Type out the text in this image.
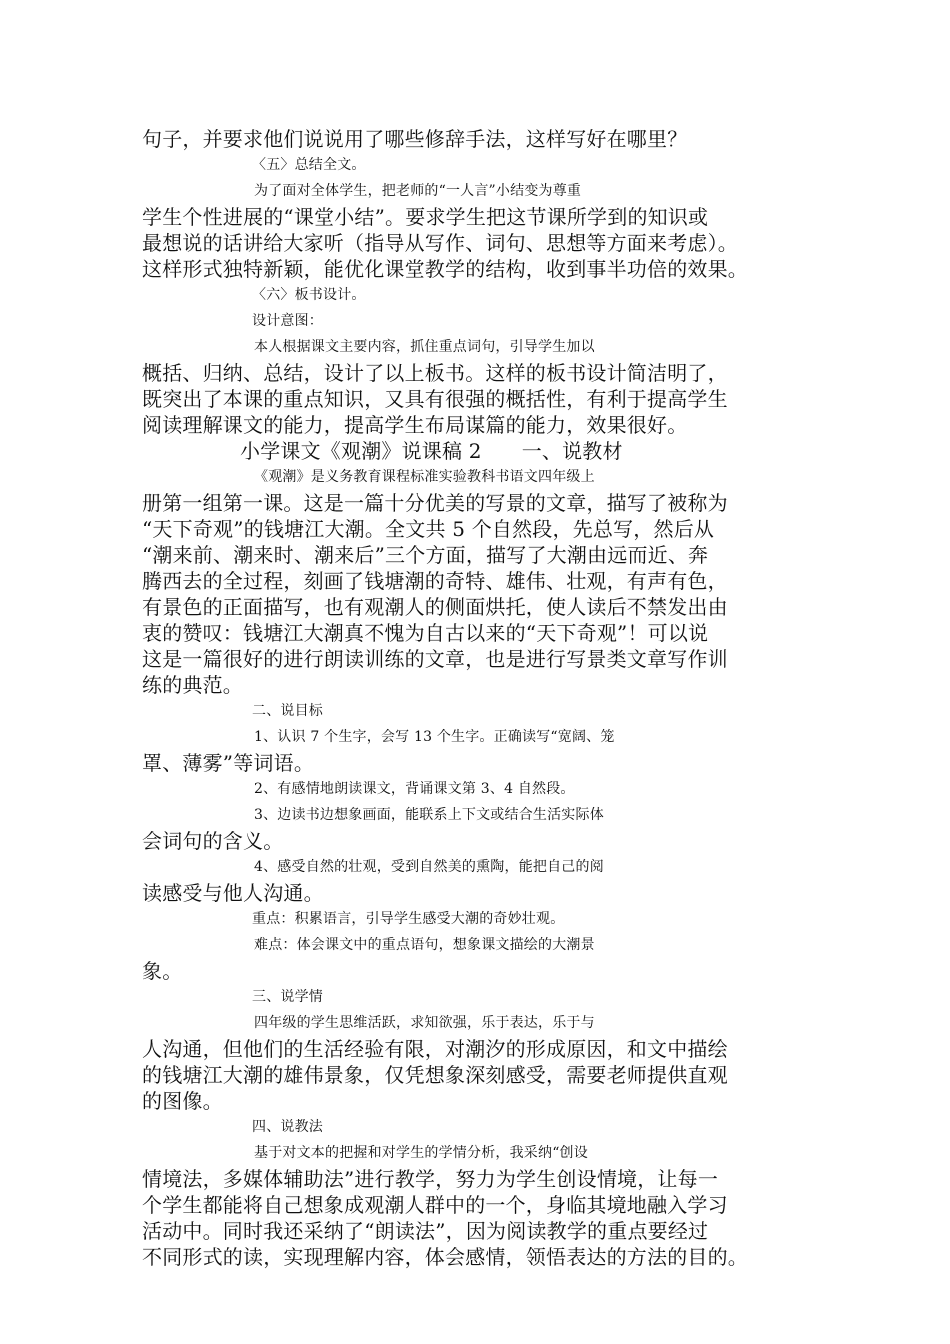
句子，并要求他们说说用了哪些修辞手法，这样写好在哪里？
〈五〉总结全文。
为了面对全体学生，把老师的“一人言”小结变为尊重
学生个性进展的“课堂小结”。要求学生把这节课所学到的知识或
最想说的话讲给大家听（指导从写作、词句、思想等方面来考虑）。
这样形式独特新颖，能优化课堂教学的结构，收到事半功倍的效果。
〈六〉板书设计。
设计意图：
本人根据课文主要内容，抓住重点词句，引导学生加以
概括、归纳、总结，设计了以上板书。这样的板书设计简洁明了，
既突出了本课的重点知识，又具有很强的概括性，有利于提高学生
阅读理解课文的能力，提高学生布局谋篇的能力，效果很好。
小学课文《观潮》说课稿 2 一、说教材
《观潮》是义务教育课程标准实验教科书语文四年级上
册第一组第一课。这是一篇十分优美的写景的文章，描写了被称为
“天下奇观”的钱塘江大潮。全文共 5 个自然段，先总写，然后从
“潮来前、潮来时、潮来后”三个方面，描写了大潮由远而近、奔
腾西去的全过程，刻画了钱塘潮的奇特、雄伟、壮观，有声有色，
有景色的正面描写，也有观潮人的侧面烘托，使人读后不禁发出由
衷的赞叹：钱塘江大潮真不愧为自古以来的“天下奇观”！可以说
这是一篇很好的进行朗读训练的文章，也是进行写景类文章写作训
练的典范。
二、说目标
1、认识 7 个生字，会写 13 个生字。正确读写“宽阔、笼
罩、薄雾”等词语。
2、有感情地朗读课文，背诵课文第 3、4 自然段。
3、边读书边想象画面，能联系上下文或结合生活实际体
会词句的含义。
4、感受自然的壮观，受到自然美的熏陶，能把自己的阅
读感受与他人沟通。
重点：积累语言，引导学生感受大潮的奇妙壮观。
难点：体会课文中的重点语句，想象课文描绘的大潮景
象。
三、说学情
四年级的学生思维活跃，求知欲强，乐于表达，乐于与
人沟通，但他们的生活经验有限，对潮汐的形成原因，和文中描绘
的钱塘江大潮的雄伟景象，仅凭想象深刻感受，需要老师提供直观
的图像。
四、说教法
基于对文本的把握和对学生的学情分析，我采纳“创设
情境法，多媒体辅助法”进行教学，努力为学生创设情境，让每一
个学生都能将自己想象成观潮人群中的一个，身临其境地融入学习
活动中。同时我还采纳了“朗读法”，因为阅读教学的重点要经过
不同形式的读，实现理解内容，体会感情，领悟表达的方法的目的。
